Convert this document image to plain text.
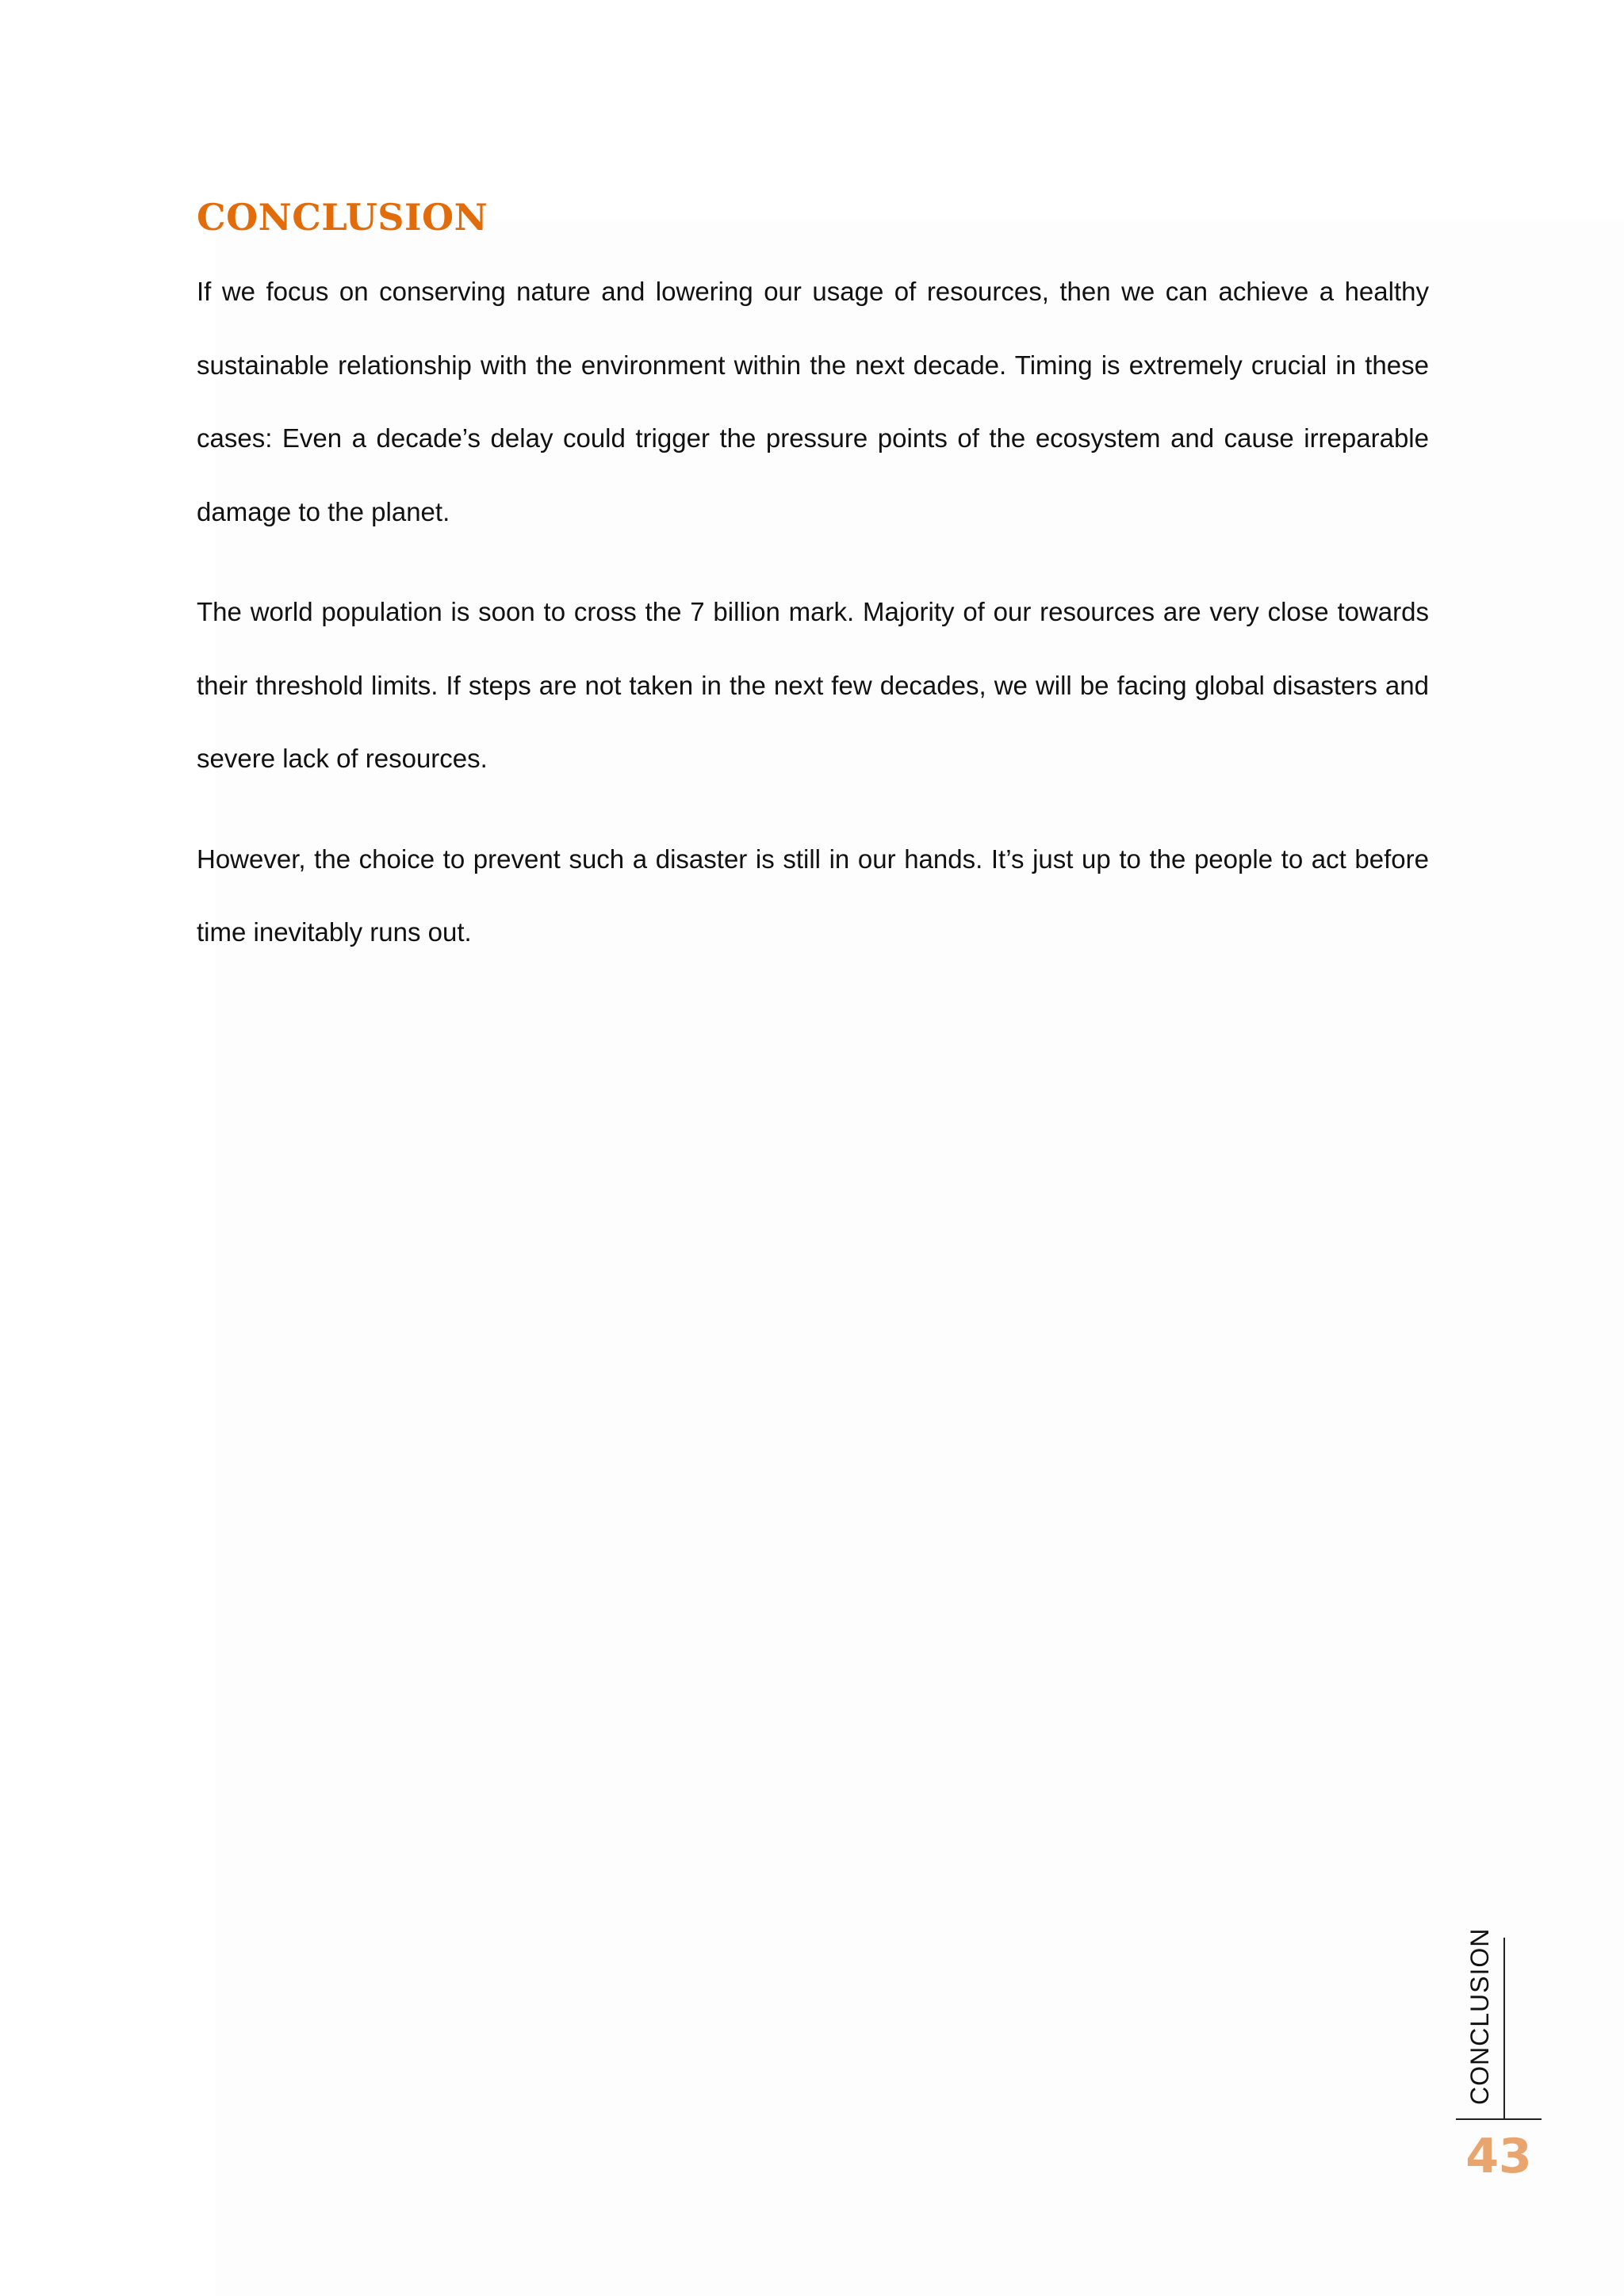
CONCLUSION

If we focus on conserving nature and lowering our usage of resources, then we can achieve a healthy sustainable relationship with the environment within the next decade. Timing is extremely crucial in these cases: Even a decade’s delay could trigger the pressure points of the ecosystem and cause irreparable damage to the planet.

The world population is soon to cross the 7 billion mark. Majority of our resources are very close towards their threshold limits. If steps are not taken in the next few decades, we will be facing global disasters and severe lack of resources.

However, the choice to prevent such a disaster is still in our hands. It’s just up to the people to act before time inevitably runs out.

CONCLUSION
43
